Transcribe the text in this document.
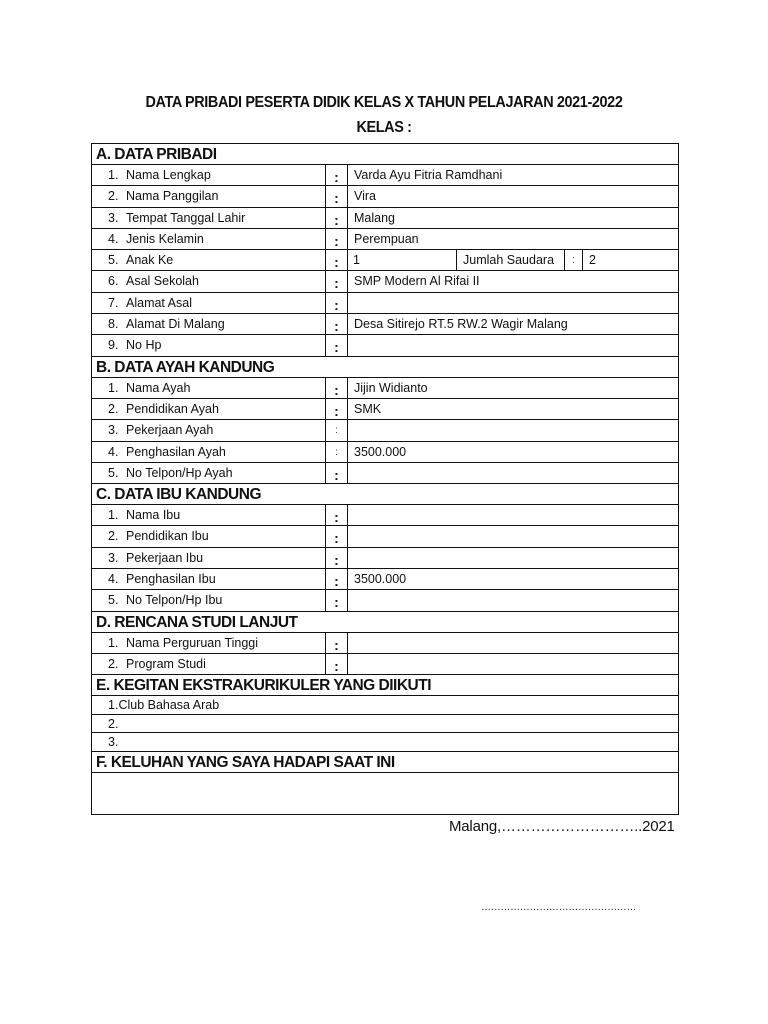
DATA PRIBADI PESERTA DIDIK KELAS X TAHUN PELAJARAN 2021-2022
KELAS :
A. DATA PRIBADI
1. Nama Lengkap	:	Varda Ayu Fitria Ramdhani
2. Nama Panggilan	:	Vira
3. Tempat Tanggal Lahir	:	Malang
4. Jenis Kelamin	:	Perempuan
5. Anak Ke	:	1	Jumlah Saudara	:	2
6. Asal Sekolah	:	SMP Modern Al Rifai II
7. Alamat Asal	:
8. Alamat Di Malang	:	Desa Sitirejo RT.5 RW.2 Wagir Malang
9. No Hp	:
B. DATA AYAH KANDUNG
1. Nama Ayah	:	Jijin Widianto
2. Pendidikan Ayah	:	SMK
3. Pekerjaan Ayah	:
4. Penghasilan Ayah	:	3500.000
5. No Telpon/Hp Ayah	:
C. DATA IBU KANDUNG
1. Nama Ibu	:
2. Pendidikan Ibu	:
3. Pekerjaan Ibu	:
4. Penghasilan Ibu	:	3500.000
5. No Telpon/Hp Ibu	:
D. RENCANA STUDI LANJUT
1. Nama Perguruan Tinggi	:
2. Program Studi	:
E. KEGITAN EKSTRAKURIKULER YANG DIIKUTI
1.Club Bahasa Arab
2.
3.
F. KELUHAN YANG SAYA HADAPI SAAT INI
Malang,………………………..2021
…………………………………………
